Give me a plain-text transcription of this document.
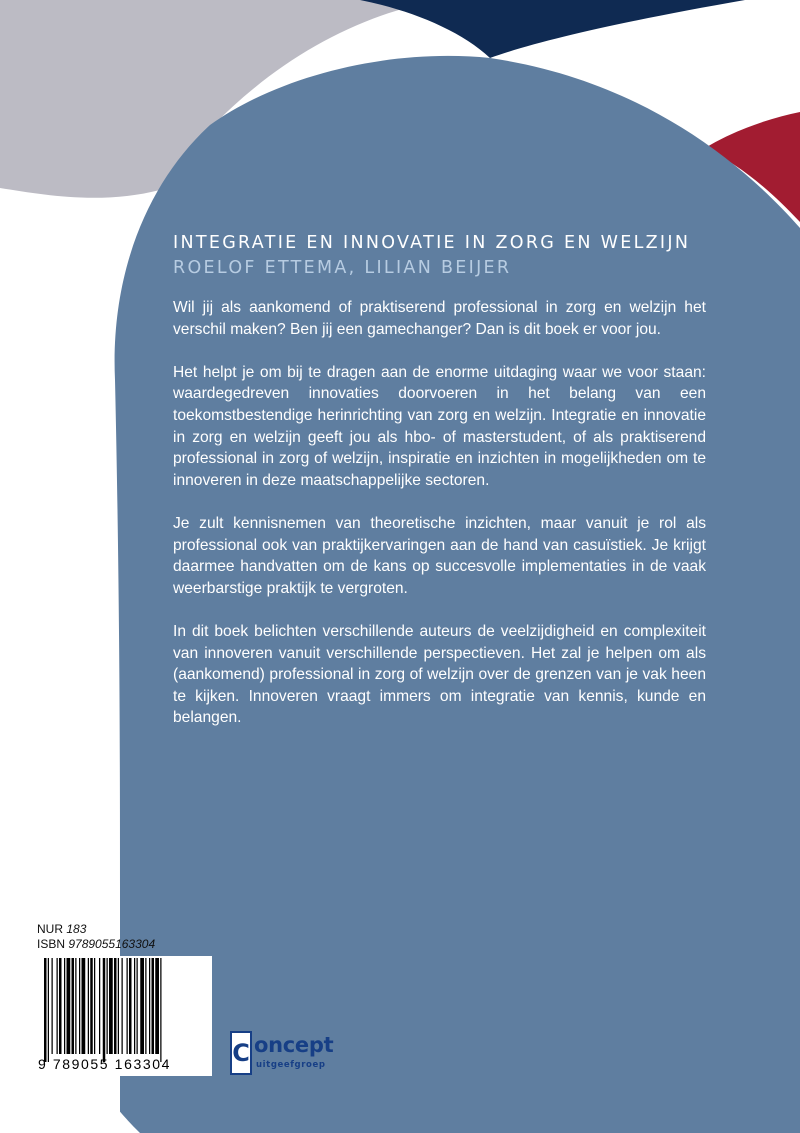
INTEGRATIE EN INNOVATIE IN ZORG EN WELZIJN
ROELOF ETTEMA, LILIAN BEIJER

Wil jij als aankomend of praktiserend professional in zorg en welzijn het verschil maken? Ben jij een gamechanger? Dan is dit boek er voor jou.

Het helpt je om bij te dragen aan de enorme uitdaging waar we voor staan: waardegedreven innovaties doorvoeren in het belang van een toekomstbestendige herinrichting van zorg en welzijn. Integratie en innovatie in zorg en welzijn geeft jou als hbo- of masterstudent, of als praktiserend professional in zorg of welzijn, inspiratie en inzichten in mogelijkheden om te innoveren in deze maatschappelijke sectoren.

Je zult kennisnemen van theoretische inzichten, maar vanuit je rol als professional ook van praktijkervaringen aan de hand van casuïstiek. Je krijgt daarmee handvatten om de kans op succesvolle implementaties in de vaak weerbarstige praktijk te vergroten.

In dit boek belichten verschillende auteurs de veelzijdigheid en complexiteit van innoveren vanuit verschillende perspectieven. Het zal je helpen om als (aankomend) professional in zorg of welzijn over de grenzen van je vak heen te kijken. Innoveren vraagt immers om integratie van kennis, kunde en belangen.

NUR 183
ISBN 9789055163304
9 789055 163304	C oncept
uitgeefgroep
